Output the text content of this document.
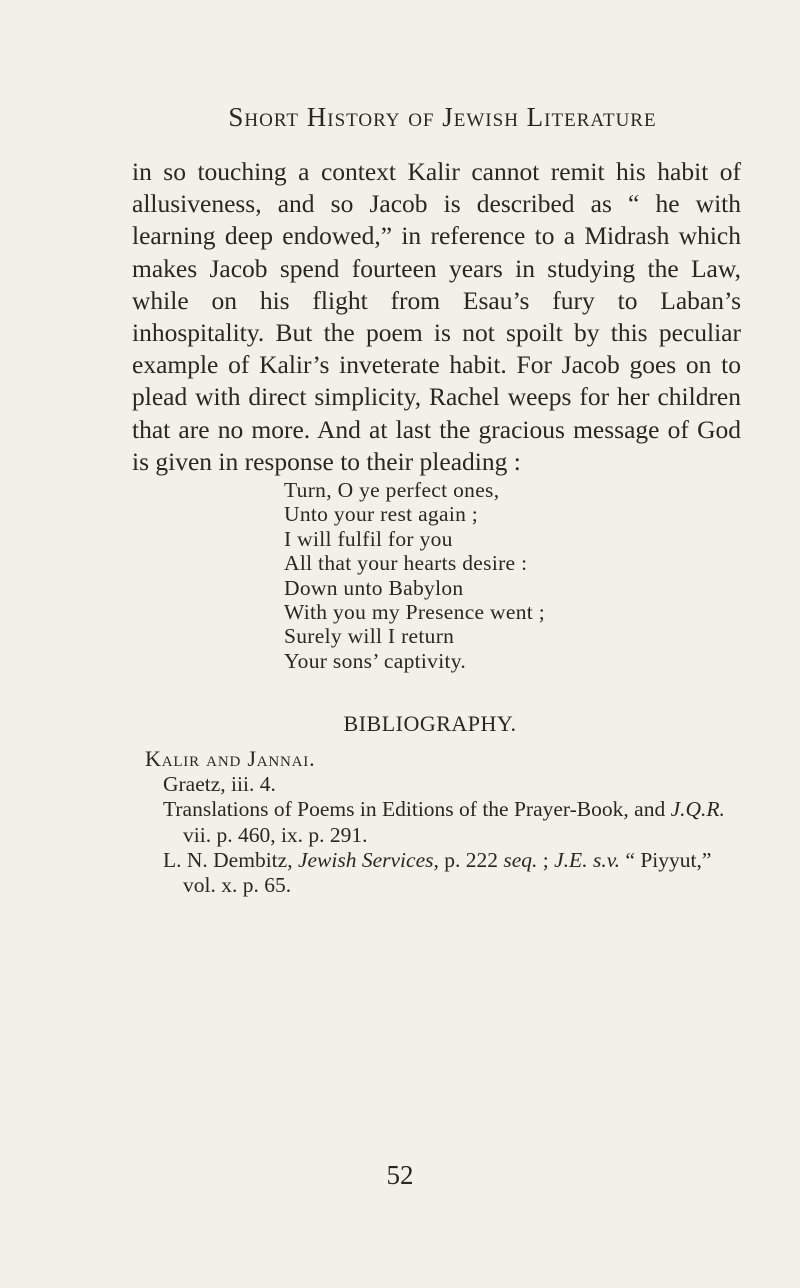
Short History of Jewish Literature

in so touching a context Kalir cannot remit his habit of allusiveness, and so Jacob is described as “ he with learning deep endowed,” in reference to a Midrash which makes Jacob spend fourteen years in studying the Law, while on his flight from Esau’s fury to Laban’s inhospitality. But the poem is not spoilt by this peculiar example of Kalir’s inveterate habit. For Jacob goes on to plead with direct simplicity, Rachel weeps for her children that are no more. And at last the gracious message of God is given in response to their pleading :

Turn, O ye perfect ones,
Unto your rest again ;
I will fulfil for you
All that your hearts desire :
Down unto Babylon
With you my Presence went ;
Surely will I return
Your sons’ captivity.
BIBLIOGRAPHY.
Kalir and Jannai.
Graetz, iii. 4.
Translations of Poems in Editions of the Prayer-Book, and J.Q.R. vii. p. 460, ix. p. 291.
L. N. Dembitz, Jewish Services, p. 222 seq. ; J.E. s.v. “ Piyyut,” vol. x. p. 65.
52
